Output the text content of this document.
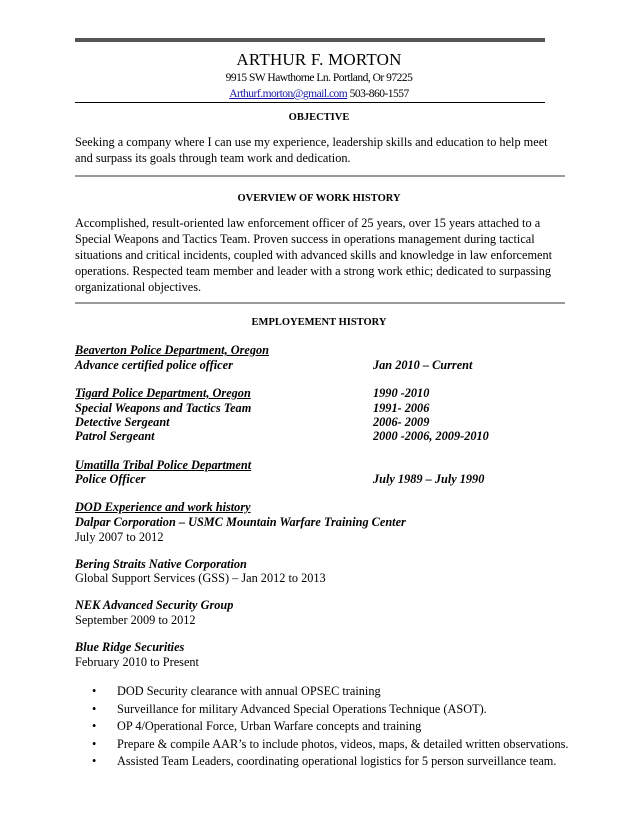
ARTHUR F. MORTON
9915 SW Hawthorne Ln. Portland, Or 97225
Arthurf.morton@gmail.com 503-860-1557
OBJECTIVE
Seeking a company where I can use my experience, leadership skills and education to help meet
and surpass its goals through team work and dedication.
OVERVIEW OF WORK HISTORY
Accomplished, result-oriented law enforcement officer of 25 years, over 15 years attached to a
Special Weapons and Tactics Team. Proven success in operations management during tactical
situations and critical incidents, coupled with advanced skills and knowledge in law enforcement
operations. Respected team member and leader with a strong work ethic; dedicated to surpassing
organizational objectives.
EMPLOYEMENT HISTORY
Beaverton Police Department, Oregon
Advance certified police officer	Jan 2010 – Current
Tigard Police Department, Oregon	1990 -2010
Special Weapons and Tactics Team	1991- 2006
Detective Sergeant	2006- 2009
Patrol Sergeant	2000 -2006, 2009-2010
Umatilla Tribal Police Department
Police Officer	July 1989 – July 1990
DOD Experience and work history
Dalpar Corporation – USMC Mountain Warfare Training Center
July 2007 to 2012
Bering Straits Native Corporation
Global Support Services (GSS) – Jan 2012 to 2013
NEK Advanced Security Group
September 2009 to 2012
Blue Ridge Securities
February 2010 to Present
• DOD Security clearance with annual OPSEC training
• Surveillance for military Advanced Special Operations Technique (ASOT).
• OP 4/Operational Force, Urban Warfare concepts and training
• Prepare & compile AAR’s to include photos, videos, maps, & detailed written observations.
• Assisted Team Leaders, coordinating operational logistics for 5 person surveillance team.
